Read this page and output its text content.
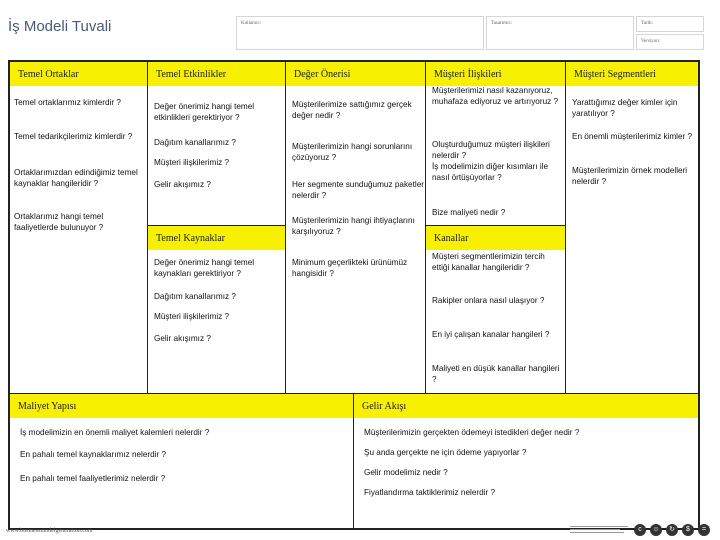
İş Modeli Tuvali	Kullanıcı:	Tasarımcı:	Tarih:
Versiyon:
Temel Ortaklar
Temel ortaklarımız kimlerdir ?
Temel tedarikçilerimiz kimlerdir ?
Ortaklarımızdan edindiğimiz temel kaynaklar hangileridir ?
Ortaklarımız hangi temel faaliyetlerde bulunuyor ?
Temel Etkinlikler
Değer önerimiz hangi temel etkinlikleri gerektiriyor ?
Dağıtım kanallarımız ?
Müşteri ilişkilerimiz ?
Gelir akışımız ?
Temel Kaynaklar
Değer önerimiz hangi temel kaynakları gerektiriyor ?
Dağıtım kanallarımız ?
Müşteri ilişkilerimiz ?
Gelir akışımız ?
Değer Önerisi
Müşterilerimize sattığımız gerçek değer nedir ?
Müşterilerimizin hangi sorunlarını çözüyoruz ?
Her segmente sunduğumuz paketler nelerdir ?
Müşterilerimizin hangi ihtiyaçlarını karşılıyoruz ?
Minimum geçerlikteki ürünümüz hangisidir ?
Müşteri İlişkileri
Müşterilerimizi nasıl kazanıyoruz, muhafaza ediyoruz ve artırıyoruz ?
Oluşturduğumuz müşteri ilişkileri nelerdir ?
İş modelimizin diğer kısımları ile nasıl örtüşüyorlar ?
Bize maliyeti nedir ?
Kanallar
Müşteri segmentlerimizin tercih ettiği kanallar hangileridir ?
Rakipler onlara nasıl ulaşıyor ?
En iyi çalışan kanalar hangileri ?
Maliyeti en düşük kanallar hangileri ?
Müşteri Segmentleri
Yarattığımız değer kimler için yaratılıyor ?
En önemli müşterilerimiz kimler ?
Müşterilerimizin örnek modelleri nelerdir ?
Maliyet Yapısı
İş modelimizin en önemli maliyet kalemleri nelerdir ?
En pahalı temel kaynaklarımız nelerdir ?
En pahalı temel faaliyetlerimiz nelerdir ?
Gelir Akışı
Müşterilerimizin gerçekten ödemeyi istedikleri değer nedir ?
Şu anda gerçekte ne için ödeme yapıyorlar ?
Gelir modelimiz nedir ?
Fiyatlandırma taktiklerimiz nelerdir ?
www.businessmodelgeneration.com	c	☺	↻	$	=
